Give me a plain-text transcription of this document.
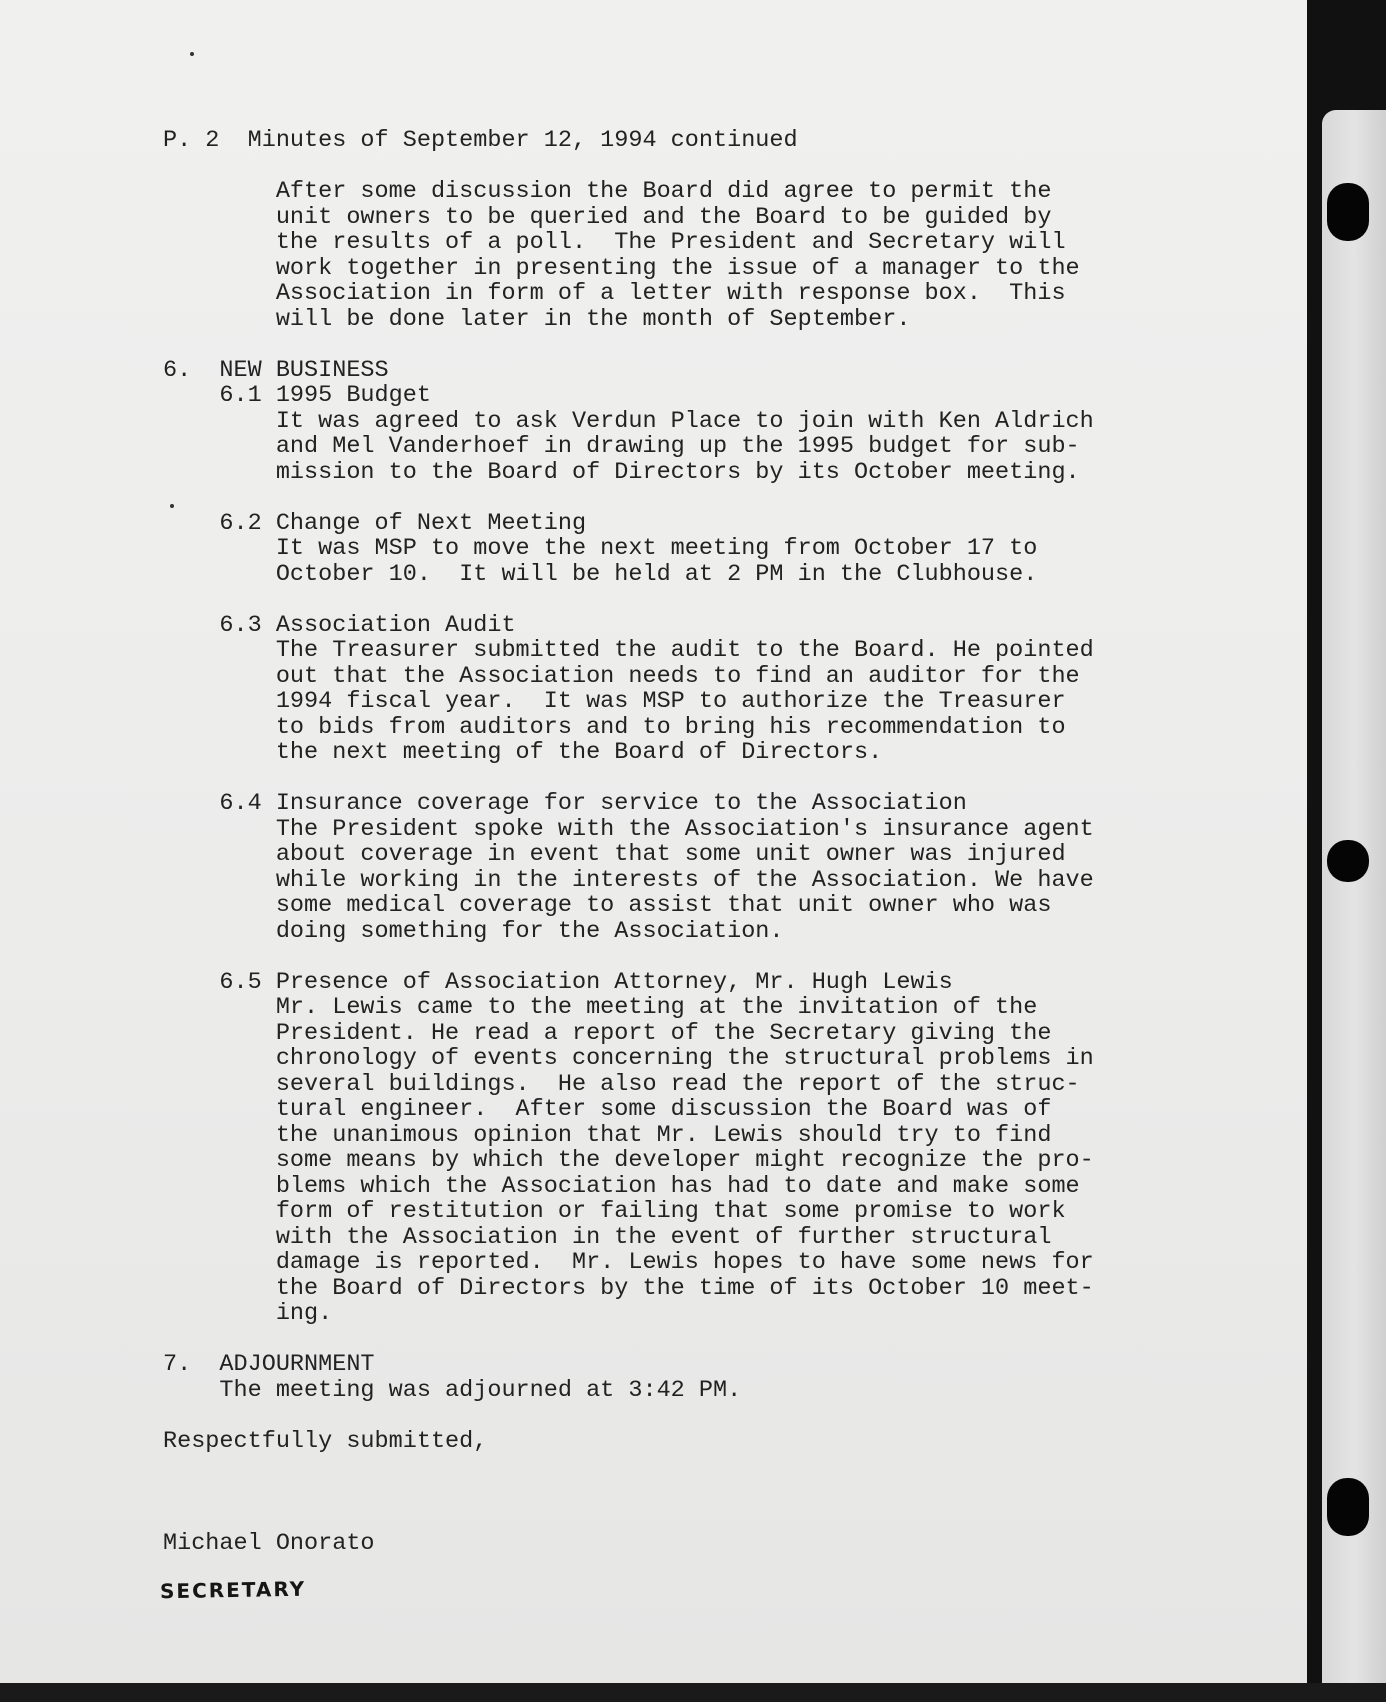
P. 2  Minutes of September 12, 1994 continued
After some discussion the Board did agree to permit the
unit owners to be queried and the Board to be guided by
the results of a poll.  The President and Secretary will
work together in presenting the issue of a manager to the
Association in form of a letter with response box.  This
will be done later in the month of September.
6.  NEW BUSINESS
6.1 1995 Budget
It was agreed to ask Verdun Place to join with Ken Aldrich
and Mel Vanderhoef in drawing up the 1995 budget for sub-
mission to the Board of Directors by its October meeting.
6.2 Change of Next Meeting
It was MSP to move the next meeting from October 17 to
October 10.  It will be held at 2 PM in the Clubhouse.
6.3 Association Audit
The Treasurer submitted the audit to the Board. He pointed
out that the Association needs to find an auditor for the
1994 fiscal year.  It was MSP to authorize the Treasurer
to bids from auditors and to bring his recommendation to
the next meeting of the Board of Directors.
6.4 Insurance coverage for service to the Association
The President spoke with the Association's insurance agent
about coverage in event that some unit owner was injured
while working in the interests of the Association. We have
some medical coverage to assist that unit owner who was
doing something for the Association.
6.5 Presence of Association Attorney, Mr. Hugh Lewis
Mr. Lewis came to the meeting at the invitation of the
President. He read a report of the Secretary giving the
chronology of events concerning the structural problems in
several buildings.  He also read the report of the struc-
tural engineer.  After some discussion the Board was of
the unanimous opinion that Mr. Lewis should try to find
some means by which the developer might recognize the pro-
blems which the Association has had to date and make some
form of restitution or failing that some promise to work
with the Association in the event of further structural
damage is reported.  Mr. Lewis hopes to have some news for
the Board of Directors by the time of its October 10 meet-
ing.
7.  ADJOURNMENT
The meeting was adjourned at 3:42 PM.
Respectfully submitted,
Michael Onorato
SECRETARY
